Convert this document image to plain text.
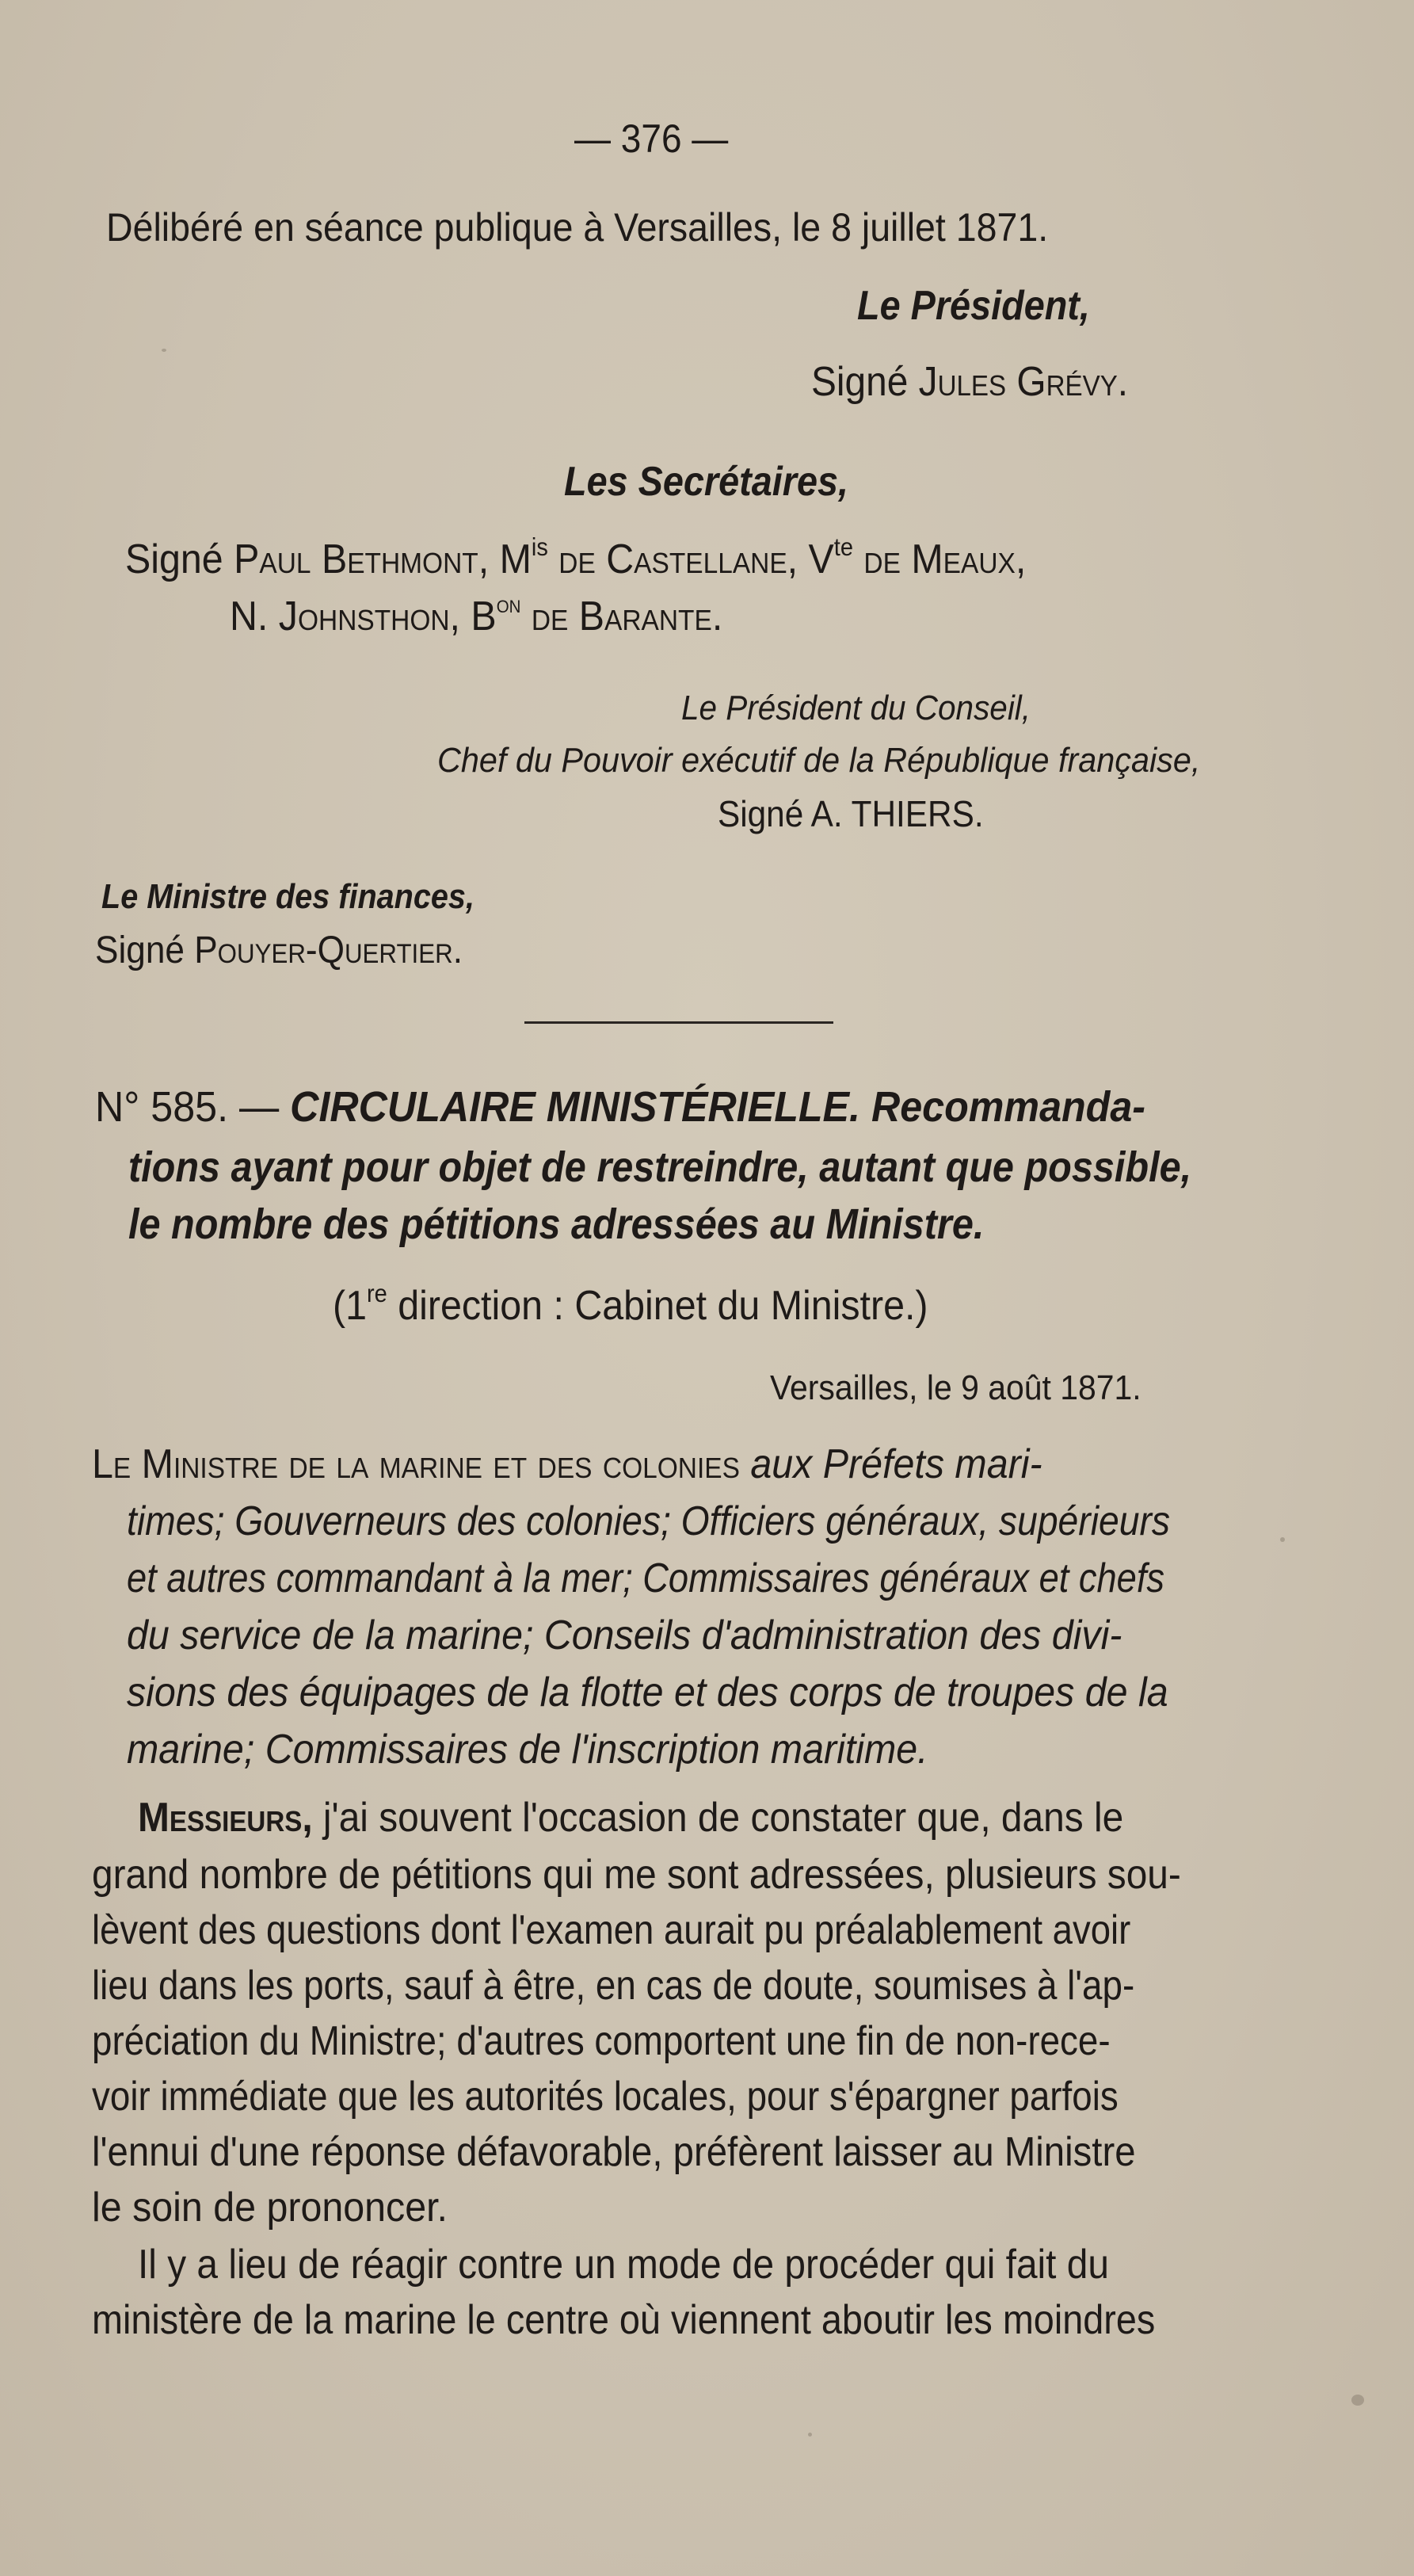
— 376 —
Délibéré en séance publique à Versailles, le 8 juillet 1871.
Le Président,
Signé Jules Grévy.
Les Secrétaires,
Signé Paul Bethmont, $M^{is}$ de Castellane, $V^{te}$ de Meaux,
N. Johnsthon, $B^{on}$ de Barante.
Le Président du Conseil,
Chef du Pouvoir exécutif de la République française,
Signé A. THIERS.
Le Ministre des finances,
Signé Pouyer-Quertier.
N° 585. — CIRCULAIRE MINISTÉRIELLE. Recommanda-
tions ayant pour objet de restreindre, autant que possible,
le nombre des pétitions adressées au Ministre.
(1re direction : Cabinet du Ministre.)
Versailles, le 9 août 1871.
Le Ministre de la marine et des colonies aux Préfets mari-
times; Gouverneurs des colonies; Officiers généraux, supérieurs
et autres commandant à la mer; Commissaires généraux et chefs
du service de la marine; Conseils d'administration des divi-
sions des équipages de la flotte et des corps de troupes de la
marine; Commissaires de l'inscription maritime.
Messieurs, j'ai souvent l'occasion de constater que, dans le
grand nombre de pétitions qui me sont adressées, plusieurs sou-
lèvent des questions dont l'examen aurait pu préalablement avoir
lieu dans les ports, sauf à être, en cas de doute, soumises à l'ap-
préciation du Ministre; d'autres comportent une fin de non-rece-
voir immédiate que les autorités locales, pour s'épargner parfois
l'ennui d'une réponse défavorable, préfèrent laisser au Ministre
le soin de prononcer.
Il y a lieu de réagir contre un mode de procéder qui fait du
ministère de la marine le centre où viennent aboutir les moindres
